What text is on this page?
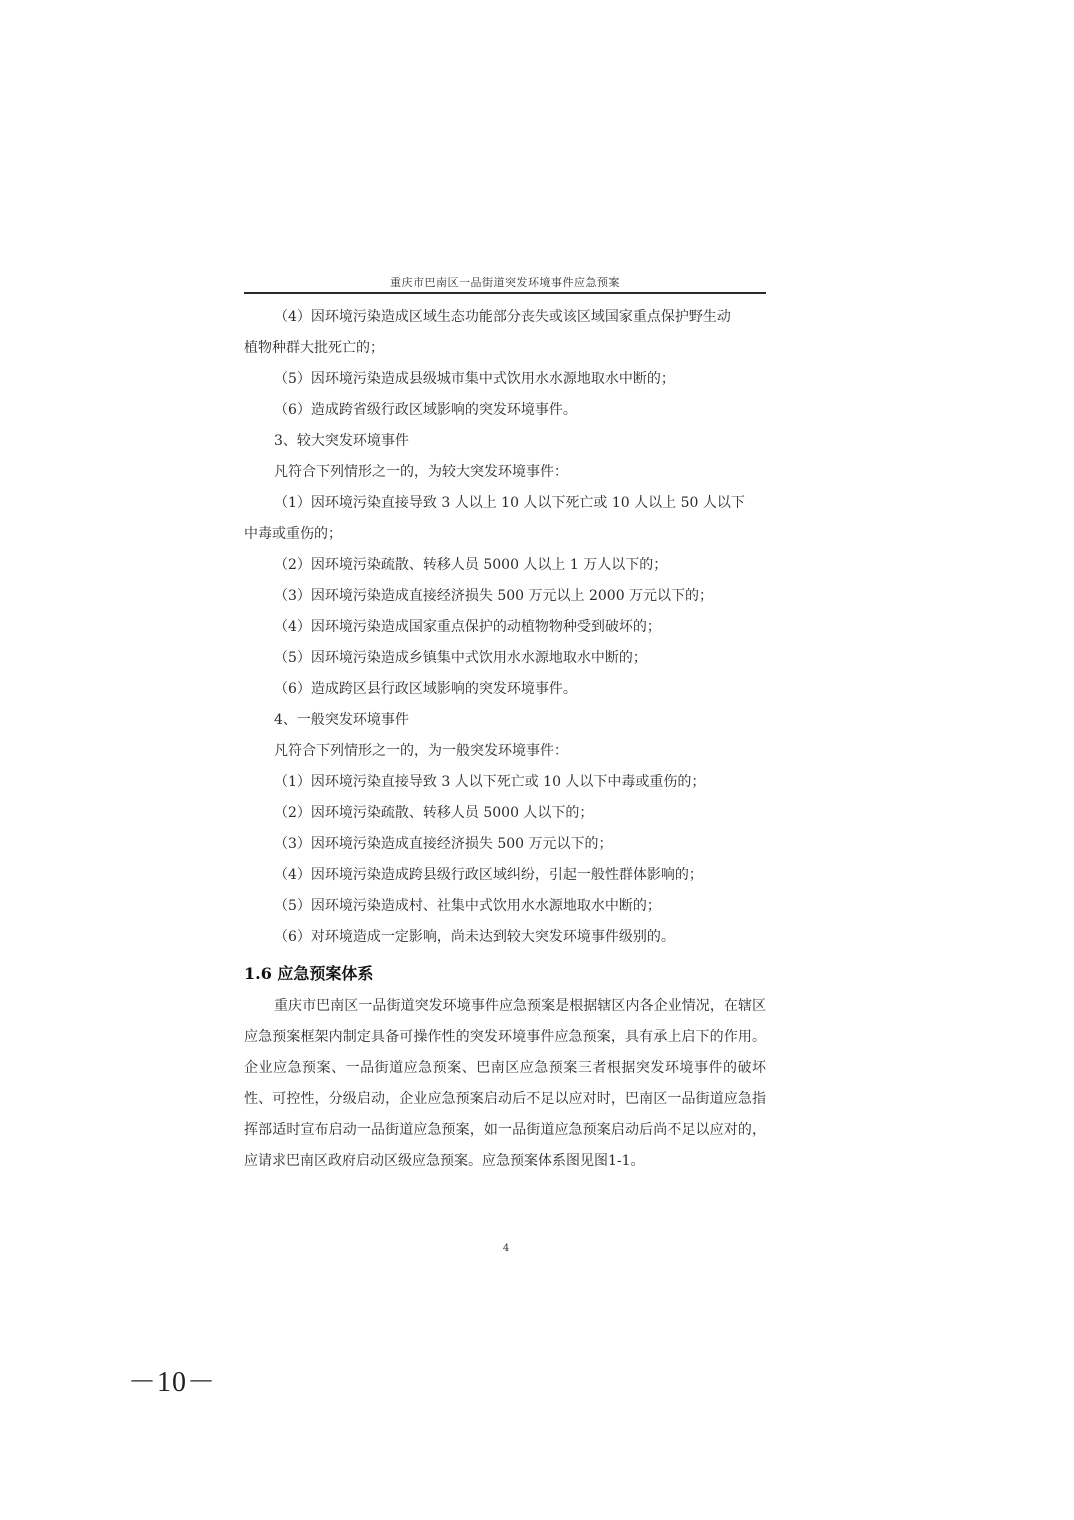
重庆市巴南区一品街道突发环境事件应急预案
（4）因环境污染造成区域生态功能部分丧失或该区域国家重点保护野生动
植物种群大批死亡的；
（5）因环境污染造成县级城市集中式饮用水水源地取水中断的；
（6）造成跨省级行政区域影响的突发环境事件。
3、较大突发环境事件
凡符合下列情形之一的，为较大突发环境事件：
（1）因环境污染直接导致 3 人以上 10 人以下死亡或 10 人以上 50 人以下
中毒或重伤的；
（2）因环境污染疏散、转移人员 5000 人以上 1 万人以下的；
（3）因环境污染造成直接经济损失 500 万元以上 2000 万元以下的；
（4）因环境污染造成国家重点保护的动植物物种受到破坏的；
（5）因环境污染造成乡镇集中式饮用水水源地取水中断的；
（6）造成跨区县行政区域影响的突发环境事件。
4、一般突发环境事件
凡符合下列情形之一的，为一般突发环境事件：
（1）因环境污染直接导致 3 人以下死亡或 10 人以下中毒或重伤的；
（2）因环境污染疏散、转移人员 5000 人以下的；
（3）因环境污染造成直接经济损失 500 万元以下的；
（4）因环境污染造成跨县级行政区域纠纷，引起一般性群体影响的；
（5）因环境污染造成村、社集中式饮用水水源地取水中断的；
（6）对环境造成一定影响，尚未达到较大突发环境事件级别的。
1.6 应急预案体系
重庆市巴南区一品街道突发环境事件应急预案是根据辖区内各企业情况，在辖区应急预案框架内制定具备可操作性的突发环境事件应急预案，具有承上启下的作用。企业应急预案、一品街道应急预案、巴南区应急预案三者根据突发环境事件的破坏性、可控性，分级启动，企业应急预案启动后不足以应对时，巴南区一品街道应急指挥部适时宣布启动一品街道应急预案，如一品街道应急预案启动后尚不足以应对的，应请求巴南区政府启动区级应急预案。应急预案体系图见图1-1。
4
－10－
